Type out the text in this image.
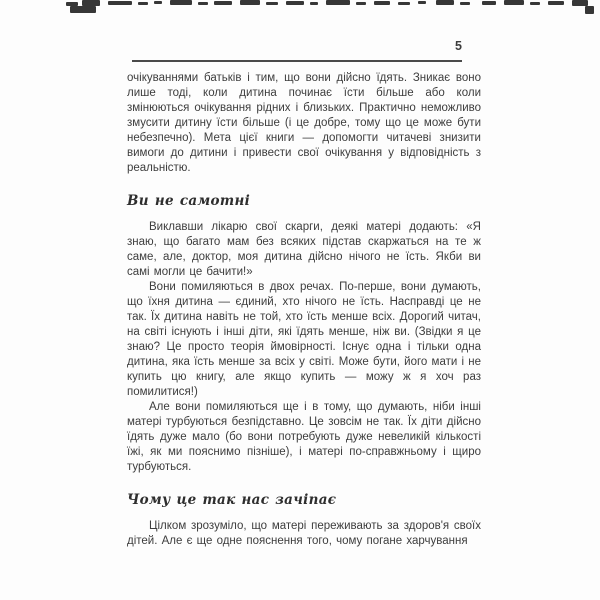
5

очікуваннями батьків і тим, що вони дійсно їдять. Зникає воно лише тоді, коли дитина починає їсти більше або коли змінюються очікування рідних і близьких. Практично неможливо змусити дитину їсти більше (і це добре, тому що це може бути небезпечно). Мета цієї книги — допомогти читачеві знизити вимоги до дитини і привести свої очікування у відповідність з реальністю.

Ви не самотні

Виклавши лікарю свої скарги, деякі матері додають: «Я знаю, що багато мам без всяких підстав скаржаться на те ж саме, але, доктор, моя дитина дійсно нічого не їсть. Якби ви самі могли це бачити!»

Вони помиляються в двох речах. По-перше, вони думають, що їхня дитина — єдиний, хто нічого не їсть. Насправді це не так. Їх дитина навіть не той, хто їсть менше всіх. Дорогий читач, на світі існують і інші діти, які їдять менше, ніж ви. (Звідки я це знаю? Це просто теорія ймовірності. Існує одна і тільки одна дитина, яка їсть менше за всіх у світі. Може бути, його мати і не купить цю книгу, але якщо купить — можу ж я хоч раз помилитися!)

Але вони помиляються ще і в тому, що думають, ніби інші матері турбуються безпідставно. Це зовсім не так. Їх діти дійсно їдять дуже мало (бо вони потребують дуже невеликій кількості їжі, як ми пояснимо пізніше), і матері по-справжньому і щиро турбуються.

Чому це так нас зачіпає

Цілком зрозуміло, що матері переживають за здоров'я своїх дітей. Але є ще одне пояснення того, чому погане харчування
